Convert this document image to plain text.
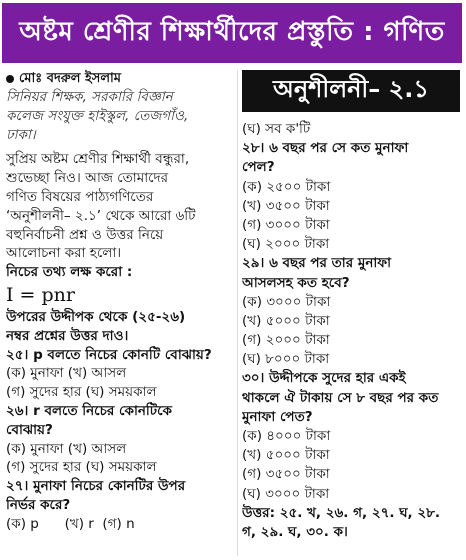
অষ্টম শ্রেণীর শিক্ষার্থীদের প্রস্তুতি : গণিত
মোঃ বদরুল ইসলাম
সিনিয়র শিক্ষক, সরকারি বিজ্ঞান
কলেজ সংযুক্ত হাইস্কুল, তেজগাঁও,
ঢাকা।
সুপ্রিয় অষ্টম শ্রেণীর শিক্ষার্থী বন্ধুরা,
শুভেচ্ছা নিও। আজ তোমাদের
গণিত বিষয়ের পাঠ্যগণিতের
‘অনুশীলনী– ২.১’ থেকে আরো ৬টি
বহুনির্বাচনী প্রশ্ন ও উত্তর নিয়ে
আলোচনা করা হলো।
নিচের তথ্য লক্ষ করো :
I = pnr
উপরের উদ্দীপক থেকে (২৫-২৬)
নম্বর প্রশ্নের উত্তর দাও।
২৫। p বলতে নিচের কোনটি বোঝায়?
(ক) মুনাফা (খ) আসল
(গ) সুদের হার (ঘ) সময়কাল
২৬। r বলতে নিচের কোনটিকে
বোঝায়?
(ক) মুনাফা (খ) আসল
(গ) সুদের হার (ঘ) সময়কাল
২৭। মুনাফা নিচের কোনটির উপর
নির্ভর করে?
(ক) p      (খ) r  (গ) n
অনুশীলনী– ২.১
(ঘ) সব ক'টি
২৮। ৬ বছর পর সে কত মুনাফা
পেল?
(ক) ২৫০০ টাকা
(খ) ৩৫০০ টাকা
(গ) ৩০০০ টাকা
(ঘ) ২০০০ টাকা
২৯। ৬ বছর পর তার মুনাফা
আসলসহ কত হবে?
(ক) ৩০০০ টাকা
(খ) ৫০০০ টাকা
(গ) ২০০০ টাকা
(ঘ) ৮০০০ টাকা
৩০। উদ্দীপকে সুদের হার একই
থাকলে ঐ টাকায় সে ৮ বছর পর কত
মুনাফা পেত?
(ক) ৪০০০ টাকা
(খ) ৫০০০ টাকা
(গ) ৩৫০০ টাকা
(ঘ) ৩০০০ টাকা
উত্তর: ২৫. খ, ২৬. গ, ২৭. ঘ, ২৮.
গ, ২৯. ঘ, ৩০. ক।
